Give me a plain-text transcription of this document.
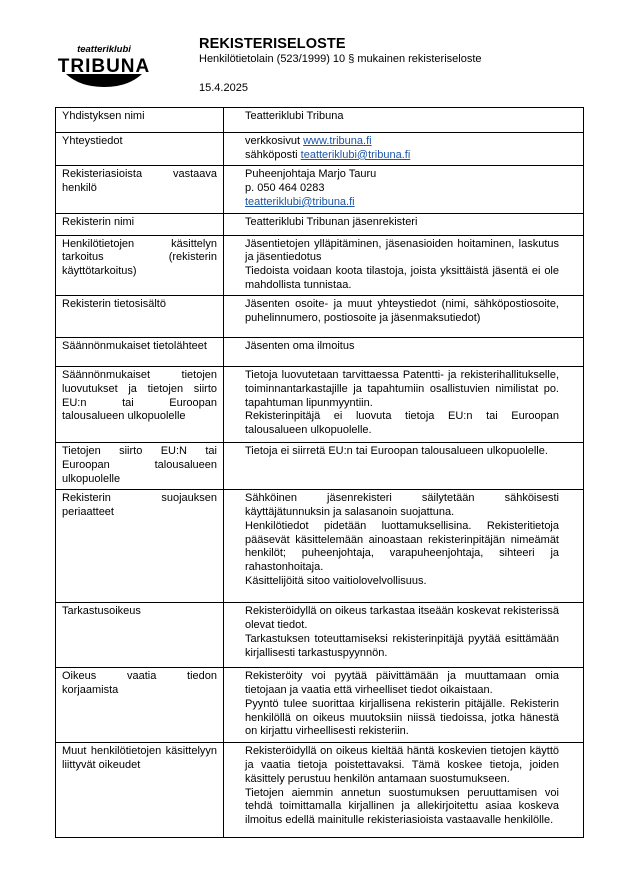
teatteriklubi
TRIBUNA
REKISTERISELOSTE
Henkilötietolain (523/1999) 10 § mukainen rekisteriseloste
15.4.2025
Yhdistyksen nimi	Teatteriklubi Tribuna

Yhteystiedot	verkkosivut www.tribuna.fi
sähköposti teatteriklubi@tribuna.fi

Rekisteriasioista vastaava henkilö	Puheenjohtaja Marjo Tauru
p. 050 464 0283
teatteriklubi@tribuna.fi

Rekisterin nimi	Teatteriklubi Tribunan jäsenrekisteri

Henkilötietojen käsittelyn tarkoitus (rekisterin käyttötarkoitus)	Jäsentietojen ylläpitäminen, jäsenasioiden hoitaminen, laskutus ja jäsentiedotus
Tiedoista voidaan koota tilastoja, joista yksittäistä jäsentä ei ole mahdollista tunnistaa.

Rekisterin tietosisältö	Jäsenten osoite- ja muut yhteystiedot (nimi, sähköpostiosoite, puhelinnumero, postiosoite ja jäsenmaksutiedot)

Säännönmukaiset tietolähteet	Jäsenten oma ilmoitus

Säännönmukaiset tietojen luovutukset ja tietojen siirto EU:n tai Euroopan talousalueen ulkopuolelle	Tietoja luovutetaan tarvittaessa Patentti- ja rekisterihallitukselle, toiminnantarkastajille ja tapahtumiin osallistuvien nimilistat po. tapahtuman lipunmyyntiin.
Rekisterinpitäjä ei luovuta tietoja EU:n tai Euroopan talousalueen ulkopuolelle.

Tietojen siirto EU:N tai Euroopan talousalueen ulkopuolelle	Tietoja ei siirretä EU:n tai Euroopan talousalueen ulkopuolelle.

Rekisterin suojauksen periaatteet	Sähköinen jäsenrekisteri säilytetään sähköisesti käyttäjätunnuksin ja salasanoin suojattuna.
Henkilötiedot pidetään luottamuksellisina. Rekisteritietoja pääsevät käsittelemään ainoastaan rekisterinpitäjän nimeämät henkilöt; puheenjohtaja, varapuheenjohtaja, sihteeri ja rahastonhoitaja.
Käsittelijöitä sitoo vaitiolovelvollisuus.

Tarkastusoikeus	Rekisteröidyllä on oikeus tarkastaa itseään koskevat rekisterissä olevat tiedot.
Tarkastuksen toteuttamiseksi rekisterinpitäjä pyytää esittämään kirjallisesti tarkastuspyynnön.

Oikeus vaatia tiedon korjaamista	Rekisteröity voi pyytää päivittämään ja muuttamaan omia tietojaan ja vaatia että virheelliset tiedot oikaistaan.
Pyyntö tulee suorittaa kirjallisena rekisterin pitäjälle. Rekisterin henkilöllä on oikeus muutoksiin niissä tiedoissa, jotka hänestä on kirjattu virheellisesti rekisteriin.

Muut henkilötietojen käsittelyyn liittyvät oikeudet	Rekisteröidyllä on oikeus kieltää häntä koskevien tietojen käyttö ja vaatia tietoja poistettavaksi. Tämä koskee tietoja, joiden käsittely perustuu henkilön antamaan suostumukseen.
Tietojen aiemmin annetun suostumuksen peruuttamisen voi tehdä toimittamalla kirjallinen ja allekirjoitettu asiaa koskeva ilmoitus edellä mainitulle rekisteriasioista vastaavalle henkilölle.
